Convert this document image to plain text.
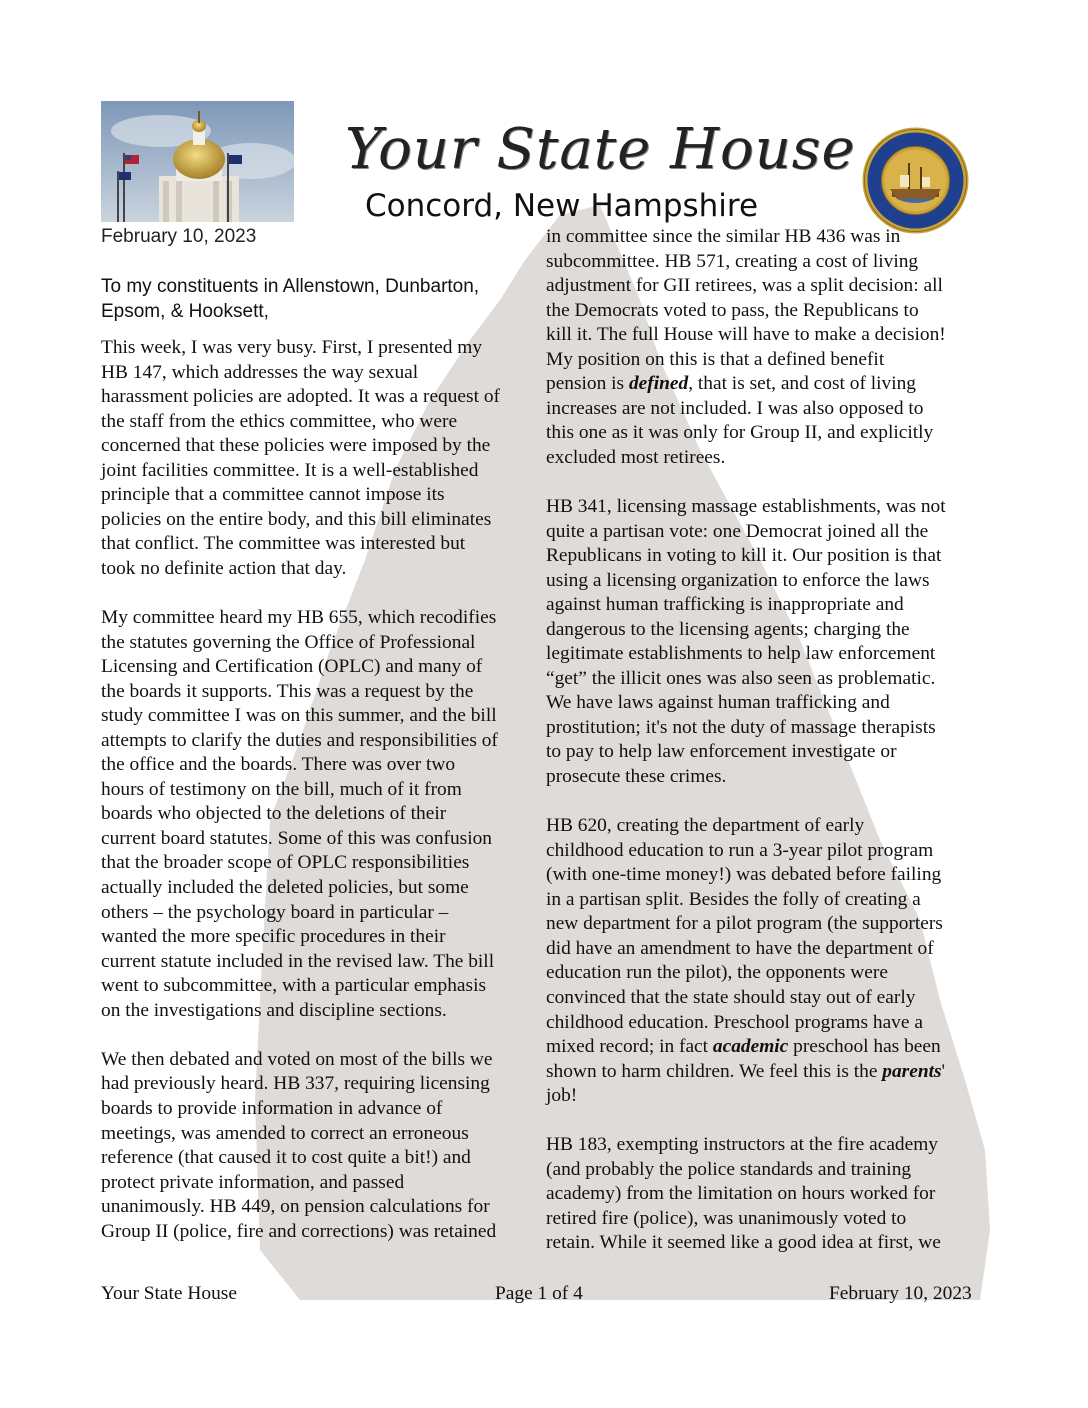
Your State House
Concord, New Hampshire
February 10, 2023
To my constituents in Allenstown, Dunbarton,
Epsom, & Hooksett,

This week, I was very busy. First, I presented my
HB 147, which addresses the way sexual
harassment policies are adopted. It was a request of
the staff from the ethics committee, who were
concerned that these policies were imposed by the
joint facilities committee. It is a well-established
principle that a committee cannot impose its
policies on the entire body, and this bill eliminates
that conflict. The committee was interested but
took no definite action that day.

My committee heard my HB 655, which recodifies
the statutes governing the Office of Professional
Licensing and Certification (OPLC) and many of
the boards it supports. This was a request by the
study committee I was on this summer, and the bill
attempts to clarify the duties and responsibilities of
the office and the boards. There was over two
hours of testimony on the bill, much of it from
boards who objected to the deletions of their
current board statutes. Some of this was confusion
that the broader scope of OPLC responsibilities
actually included the deleted policies, but some
others – the psychology board in particular –
wanted the more specific procedures in their
current statute included in the revised law. The bill
went to subcommittee, with a particular emphasis
on the investigations and discipline sections.

We then debated and voted on most of the bills we
had previously heard. HB 337, requiring licensing
boards to provide information in advance of
meetings, was amended to correct an erroneous
reference (that caused it to cost quite a bit!) and
protect private information, and passed
unanimously. HB 449, on pension calculations for
Group II (police, fire and corrections) was retained

in committee since the similar HB 436 was in
subcommittee. HB 571, creating a cost of living
adjustment for GII retirees, was a split decision: all
the Democrats voted to pass, the Republicans to
kill it. The full House will have to make a decision!
My position on this is that a defined benefit
pension is defined, that is set, and cost of living
increases are not included. I was also opposed to
this one as it was only for Group II, and explicitly
excluded most retirees.

HB 341, licensing massage establishments, was not
quite a partisan vote: one Democrat joined all the
Republicans in voting to kill it. Our position is that
using a licensing organization to enforce the laws
against human trafficking is inappropriate and
dangerous to the licensing agents; charging the
legitimate establishments to help law enforcement
“get” the illicit ones was also seen as problematic.
We have laws against human trafficking and
prostitution; it's not the duty of massage therapists
to pay to help law enforcement investigate or
prosecute these crimes.

HB 620, creating the department of early
childhood education to run a 3-year pilot program
(with one-time money!) was debated before failing
in a partisan split. Besides the folly of creating a
new department for a pilot program (the supporters
did have an amendment to have the department of
education run the pilot), the opponents were
convinced that the state should stay out of early
childhood education. Preschool programs have a
mixed record; in fact academic preschool has been
shown to harm children. We feel this is the parents'
job!

HB 183, exempting instructors at the fire academy
(and probably the police standards and training
academy) from the limitation on hours worked for
retired fire (police), was unanimously voted to
retain. While it seemed like a good idea at first, we

Your State House	Page 1 of 4	February 10, 2023
